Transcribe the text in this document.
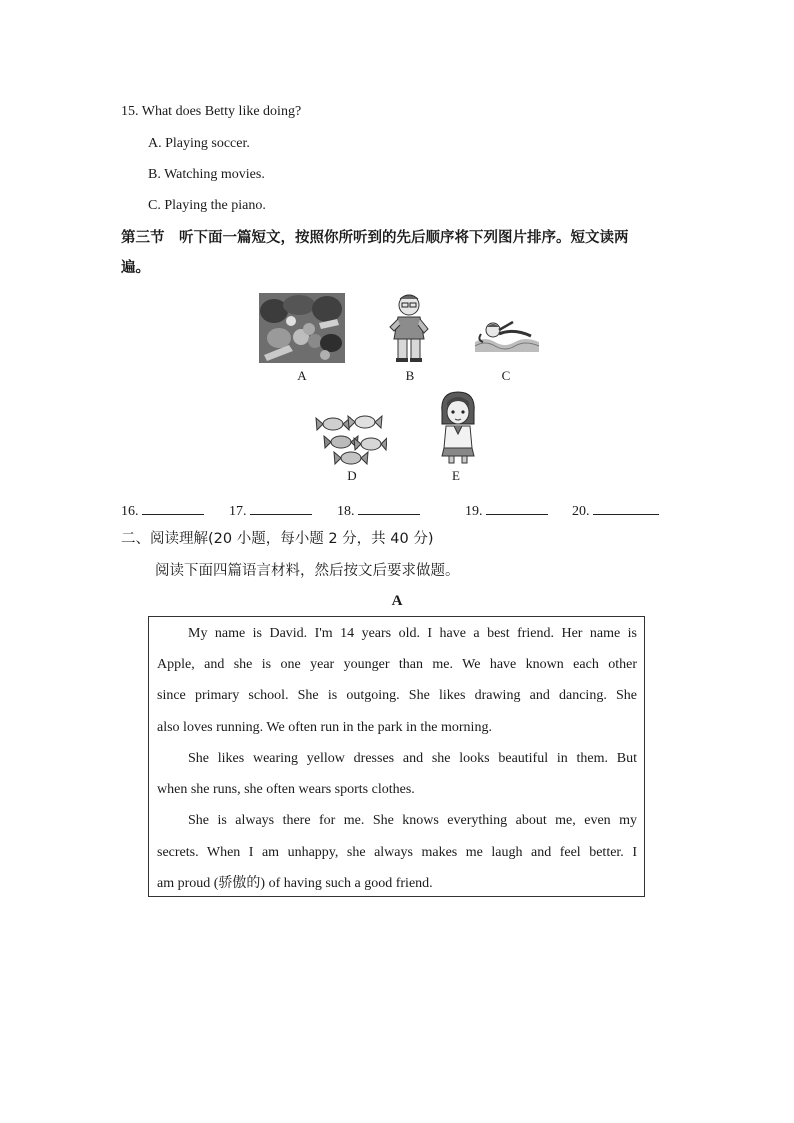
15. What does Betty like doing?
A. Playing soccer.
B. Watching movies.
C. Playing the piano.
第三节　听下面一篇短文，按照你所听到的先后顺序将下列图片排序。短文读两
遍。
A	B	C
D	E
16.	17.	18.	19.	20.
二、阅读理解(20 小题，每小题 2 分，共 40 分)
阅读下面四篇语言材料，然后按文后要求做题。
A
My name is David. I'm 14 years old. I have a best friend. Her name is
Apple, and she is one year younger than me. We have known each other
since primary school. She is outgoing. She likes drawing and dancing. She
also loves running. We often run in the park in the morning.
She likes wearing yellow dresses and she looks beautiful in them. But
when she runs, she often wears sports clothes.
She is always there for me. She knows everything about me, even my
secrets. When I am unhappy, she always makes me laugh and feel better. I
am proud (骄傲的) of having such a good friend.
